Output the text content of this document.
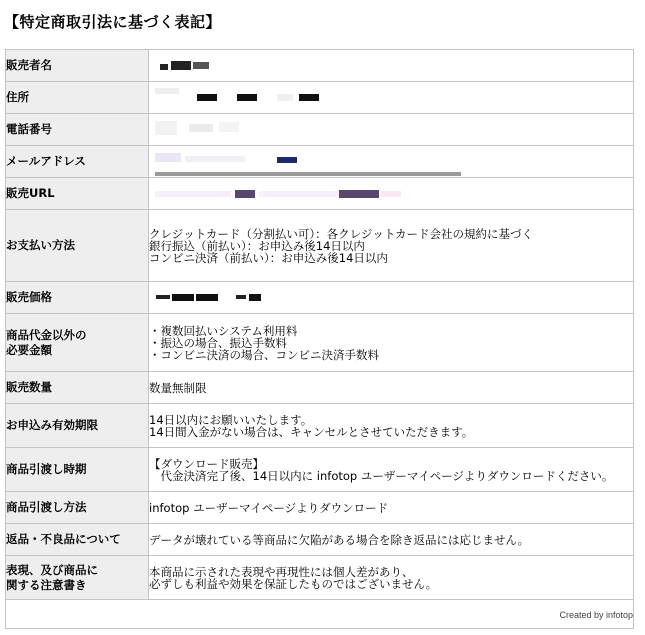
【特定商取引法に基づく表記】
販売者名	

住所	

電話番号	

メールアドレス	

販売URL	

お支払い方法	クレジットカード（分割払い可）：各クレジットカード会社の規約に基づく
銀行振込（前払い）：お申込み後14日以内
コンビニ決済（前払い）：お申込み後14日以内

販売価格	

商品代金以外の
必要金額	・複数回払いシステム利用料
・振込の場合、振込手数料
・コンビニ決済の場合、コンビニ決済手数料

販売数量	数量無制限

お申込み有効期限	14日以内にお願いいたします。
14日間入金がない場合は、キャンセルとさせていただきます。

商品引渡し時期	【ダウンロード販売】
　代金決済完了後、14日以内に infotop ユーザーマイページよりダウンロードください。

商品引渡し方法	infotop ユーザーマイページよりダウンロード

返品・不良品について	データが壊れている等商品に欠陥がある場合を除き返品には応じません。

表現、及び商品に
関する注意書き	本商品に示された表現や再現性には個人差があり、
必ずしも利益や効果を保証したものではございません。

Created by infotop	
